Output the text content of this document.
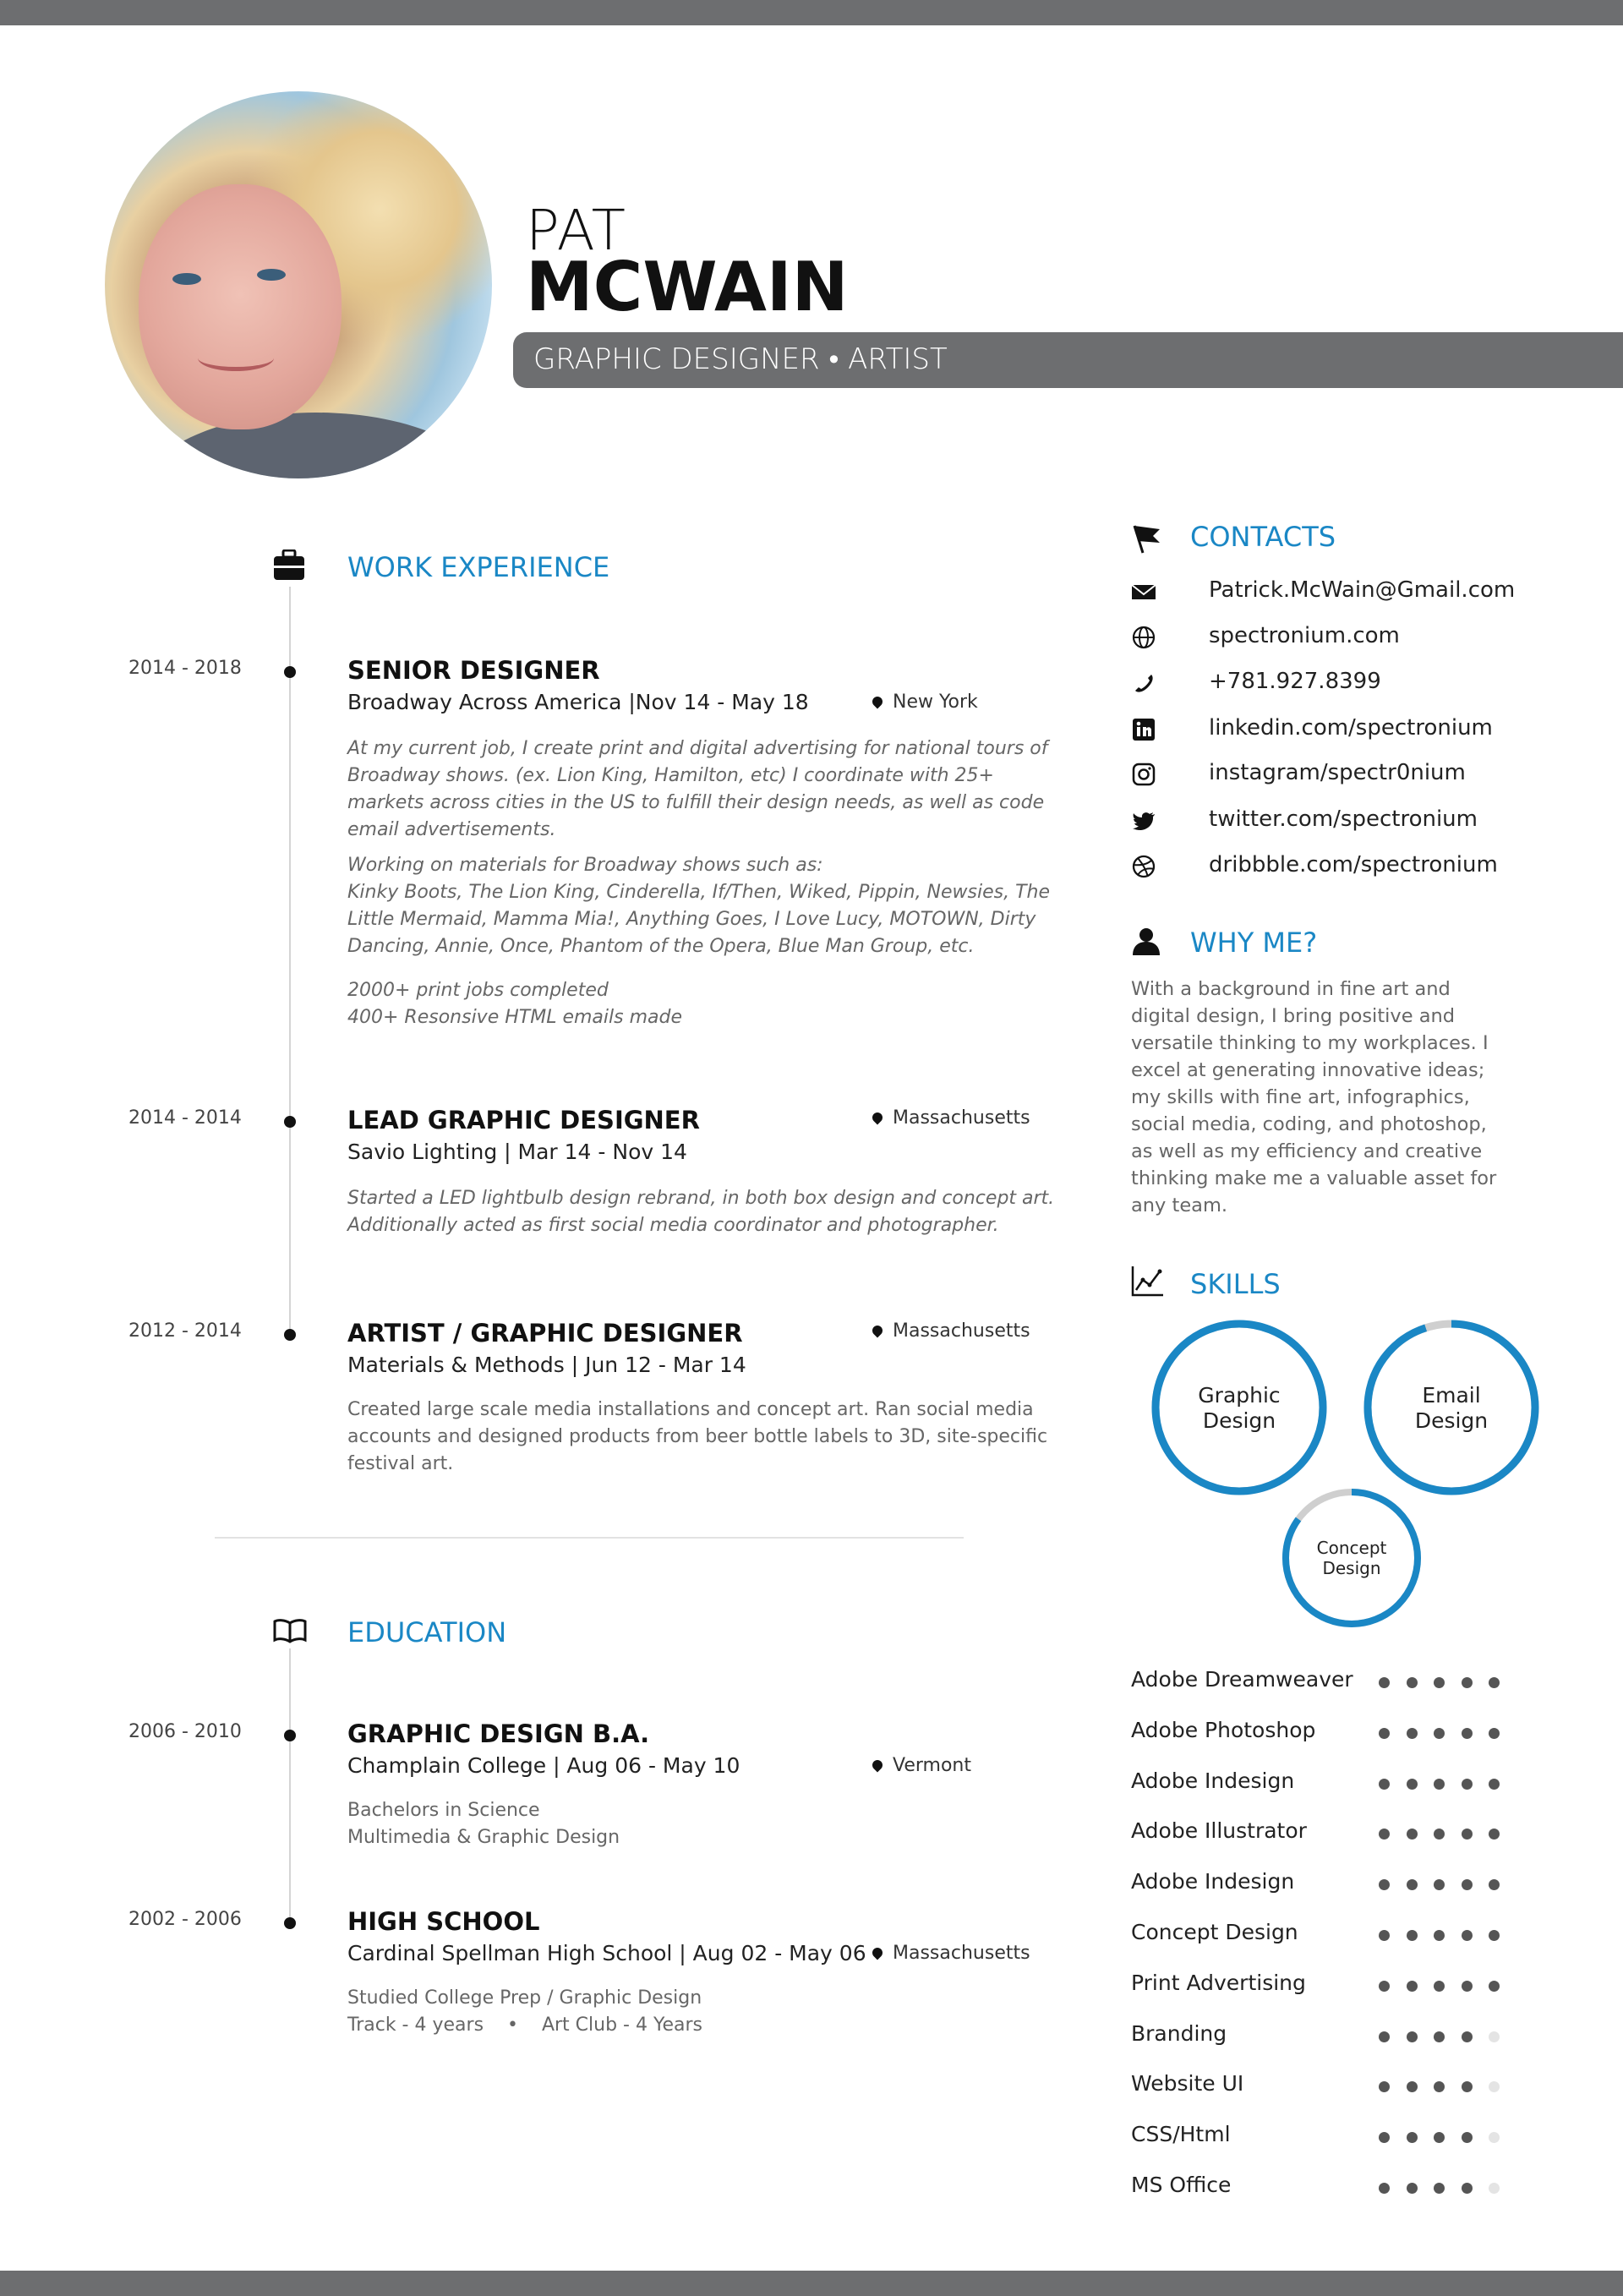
PAT
MCWAIN
GRAPHIC DESIGNER • ARTIST
WORK EXPERIENCE
2014 - 2018	SENIOR DESIGNER
Broadway Across America |Nov 14 - May 18	New York
At my current job, I create print and digital advertising for national tours of Broadway shows. (ex. Lion King, Hamilton, etc) I coordinate with 25+ markets across cities in the US to fulfill their design needs, as well as code email advertisements.
Working on materials for Broadway shows such as:
Kinky Boots, The Lion King, Cinderella, If/Then, Wiked, Pippin, Newsies, The Little Mermaid, Mamma Mia!, Anything Goes, I Love Lucy, MOTOWN, Dirty Dancing, Annie, Once, Phantom of the Opera, Blue Man Group, etc.
2000+ print jobs completed
400+ Resonsive HTML emails made
2014 - 2014	LEAD GRAPHIC DESIGNER
Savio Lighting | Mar 14 - Nov 14
Massachusetts
Started a LED lightbulb design rebrand, in both box design and concept art.
Additionally acted as first social media coordinator and photographer.
2012 - 2014	ARTIST / GRAPHIC DESIGNER
Materials & Methods | Jun 12 - Mar 14
Massachusetts
Created large scale media installations and concept art. Ran social media accounts and designed products from beer bottle labels to 3D, site-specific festival art.
EDUCATION
2006 - 2010	GRAPHIC DESIGN B.A.
Champlain College | Aug 06 - May 10	Vermont
Bachelors in Science
Multimedia & Graphic Design
2002 - 2006	HIGH SCHOOL
Cardinal Spellman High School | Aug 02 - May 06	Massachusetts
Studied College Prep / Graphic Design
Track - 4 years    •    Art Club - 4 Years
CONTACTS
Patrick.McWain@Gmail.com
spectronium.com
+781.927.8399
linkedin.com/spectronium
instagram/spectr0nium
twitter.com/spectronium
dribbble.com/spectronium
WHY ME?
With a background in fine art and digital design, I bring positive and versatile thinking to my workplaces. I excel at generating innovative ideas; my skills with fine art, infographics, social media, coding, and photoshop, as well as my efficiency and creative thinking make me a valuable asset for any team.
SKILLS
Graphic
Design
Email
Design
Concept
Design
Adobe Dreamweaver
Adobe Photoshop
Adobe Indesign
Adobe Illustrator
Adobe Indesign
Concept Design
Print Advertising
Branding
Website UI
CSS/Html
MS Office
